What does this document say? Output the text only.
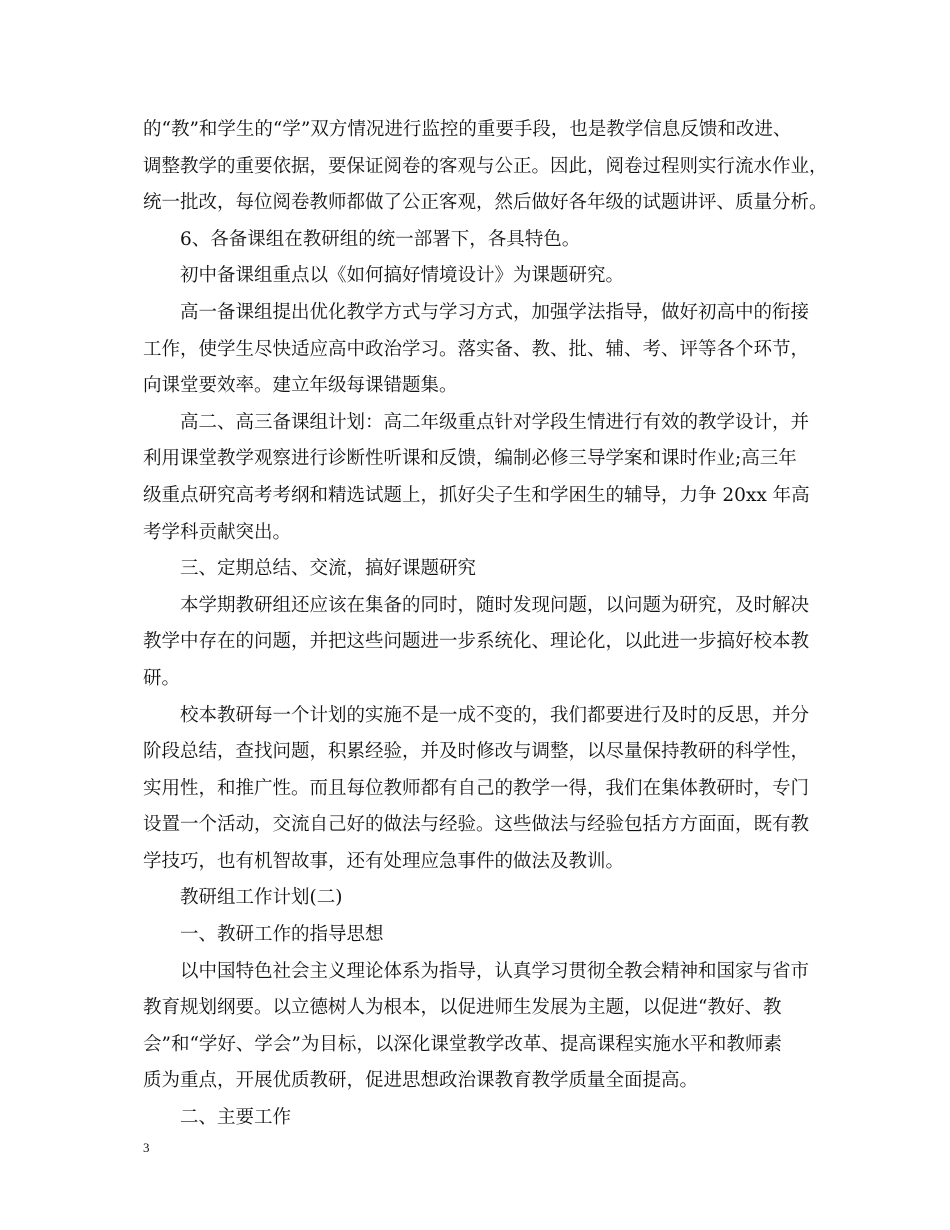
的“教”和学生的“学”双方情况进行监控的重要手段，也是教学信息反馈和改进、
调整教学的重要依据，要保证阅卷的客观与公正。因此，阅卷过程则实行流水作业，
统一批改，每位阅卷教师都做了公正客观，然后做好各年级的试题讲评、质量分析。
6、各备课组在教研组的统一部署下，各具特色。
初中备课组重点以《如何搞好情境设计》为课题研究。
高一备课组提出优化教学方式与学习方式，加强学法指导，做好初高中的衔接
工作，使学生尽快适应高中政治学习。落实备、教、批、辅、考、评等各个环节，
向课堂要效率。建立年级每课错题集。
高二、高三备课组计划：高二年级重点针对学段生情进行有效的教学设计，并
利用课堂教学观察进行诊断性听课和反馈，编制必修三导学案和课时作业;高三年
级重点研究高考考纲和精选试题上，抓好尖子生和学困生的辅导，力争 20xx 年高
考学科贡献突出。
三、定期总结、交流，搞好课题研究
本学期教研组还应该在集备的同时，随时发现问题，以问题为研究，及时解决
教学中存在的问题，并把这些问题进一步系统化、理论化，以此进一步搞好校本教
研。
校本教研每一个计划的实施不是一成不变的，我们都要进行及时的反思，并分
阶段总结，查找问题，积累经验，并及时修改与调整，以尽量保持教研的科学性，
实用性，和推广性。而且每位教师都有自己的教学一得，我们在集体教研时，专门
设置一个活动，交流自己好的做法与经验。这些做法与经验包括方方面面，既有教
学技巧，也有机智故事，还有处理应急事件的做法及教训。
教研组工作计划(二)
一、教研工作的指导思想
以中国特色社会主义理论体系为指导，认真学习贯彻全教会精神和国家与省市
教育规划纲要。以立德树人为根本，以促进师生发展为主题，以促进“教好、教
会”和“学好、学会”为目标，以深化课堂教学改革、提高课程实施水平和教师素
质为重点，开展优质教研，促进思想政治课教育教学质量全面提高。
二、主要工作
3
